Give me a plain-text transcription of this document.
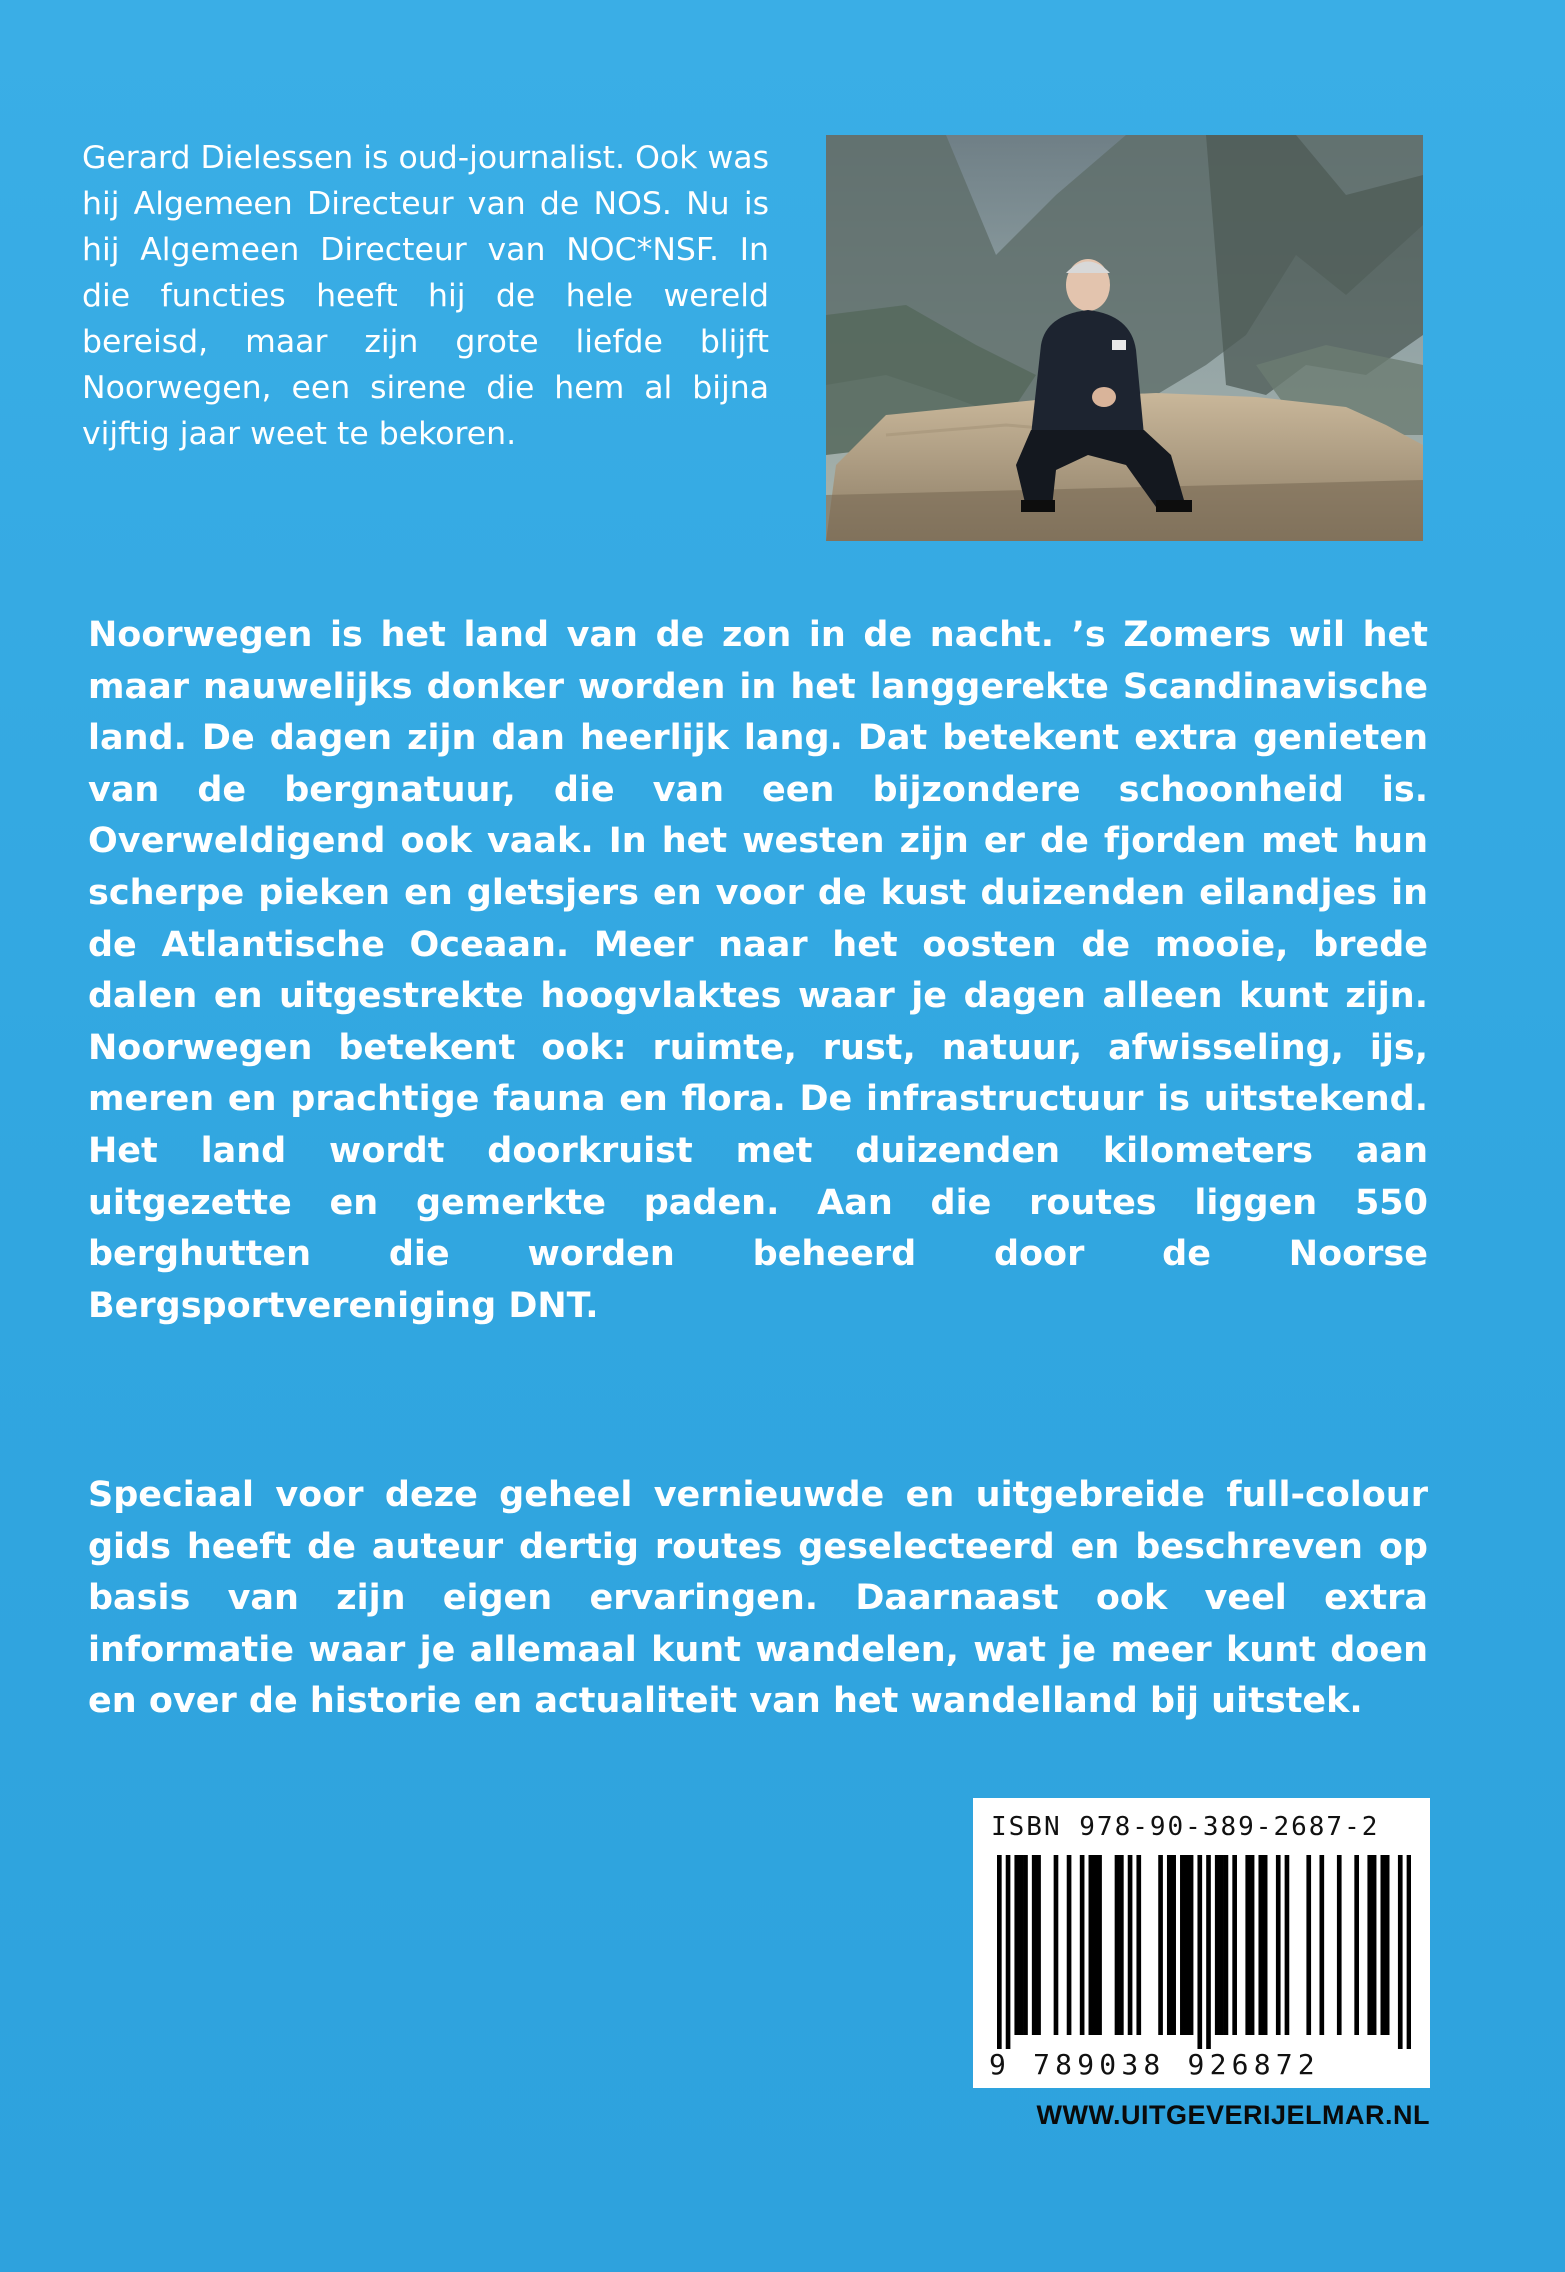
Gerard Dielessen is oud-journalist. Ook was hij Algemeen Directeur van de NOS. Nu is hij Algemeen Directeur van NOC*NSF. In die functies heeft hij de hele wereld bereisd, maar zijn grote liefde blijft Noorwegen, een sirene die hem al bijna vijftig jaar weet te bekoren.

Noorwegen is het land van de zon in de nacht. ’s Zomers wil het maar nauwelijks donker worden in het langgerekte Scandinavische land. De dagen zijn dan heerlijk lang. Dat betekent extra genieten van de bergnatuur, die van een bijzondere schoonheid is. Overweldigend ook vaak. In het westen zijn er de fjorden met hun scherpe pieken en gletsjers en voor de kust duizenden eilandjes in de Atlantische Oceaan. Meer naar het oosten de mooie, brede dalen en uitgestrekte hoogvlaktes waar je dagen alleen kunt zijn. Noorwegen betekent ook: ruimte, rust, natuur, afwisseling, ijs, meren en prachtige fauna en flora. De infrastructuur is uitstekend. Het land wordt doorkruist met duizenden kilometers aan uitgezette en gemerkte paden. Aan die routes liggen 550 berghutten die worden beheerd door de Noorse Bergsportvereniging DNT.

Speciaal voor deze geheel vernieuwde en uitgebreide full-colour gids heeft de auteur dertig routes geselecteerd en beschreven op basis van zijn eigen ervaringen. Daarnaast ook veel extra informatie waar je allemaal kunt wandelen, wat je meer kunt doen en over de historie en actualiteit van het wandelland bij uitstek.

ISBN 978-90-389-2687-2
9 789038 926872
WWW.UITGEVERIJELMAR.NL
